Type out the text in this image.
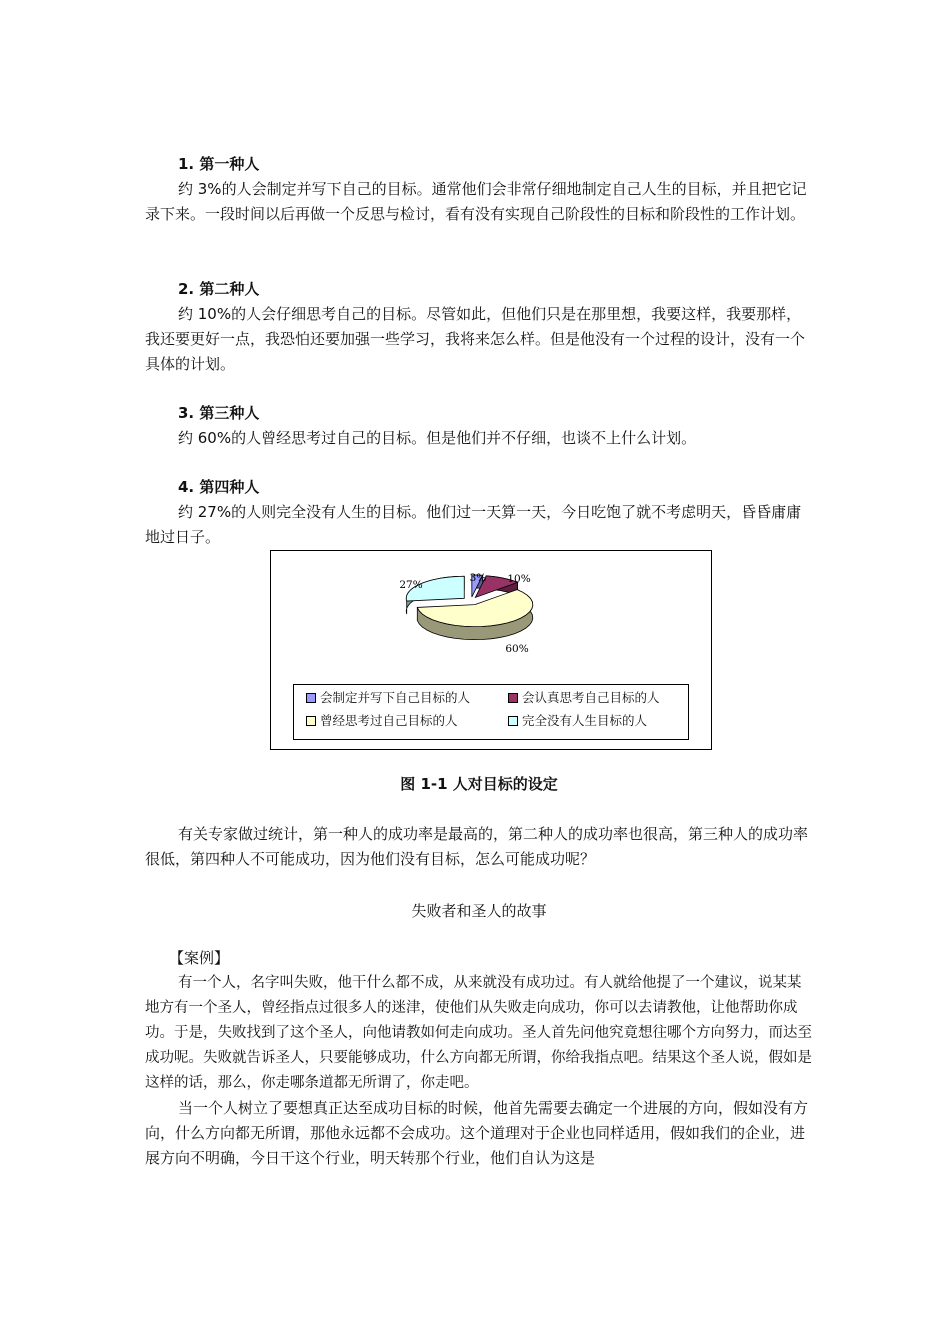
1. 第一种人

约 3%的人会制定并写下自己的目标。通常他们会非常仔细地制定自己人生的目标，并且把它记录下来。一段时间以后再做一个反思与检讨，看有没有实现自己阶段性的目标和阶段性的工作计划。

2. 第二种人

约 10%的人会仔细思考自己的目标。尽管如此，但他们只是在那里想，我要这样，我要那样，我还要更好一点，我恐怕还要加强一些学习，我将来怎么样。但是他没有一个过程的设计，没有一个具体的计划。

3. 第三种人

约 60%的人曾经思考过自己的目标。但是他们并不仔细，也谈不上什么计划。

4. 第四种人

约 27%的人则完全没有人生的目标。他们过一天算一天，今日吃饱了就不考虑明天，昏昏庸庸地过日子。

3% 10%
60%
27%
会制定并写下自己目标的人	会认真思考自己目标的人
曾经思考过自己目标的人	完全没有人生目标的人
图 1-1 人对目标的设定

有关专家做过统计，第一种人的成功率是最高的，第二种人的成功率也很高，第三种人的成功率很低，第四种人不可能成功，因为他们没有目标，怎么可能成功呢？

失败者和圣人的故事

【案例】

有一个人，名字叫失败，他干什么都不成，从来就没有成功过。有人就给他提了一个建议，说某某地方有一个圣人，曾经指点过很多人的迷津，使他们从失败走向成功，你可以去请教他，让他帮助你成功。于是，失败找到了这个圣人，向他请教如何走向成功。圣人首先问他究竟想往哪个方向努力，而达至成功呢。失败就告诉圣人，只要能够成功，什么方向都无所谓，你给我指点吧。结果这个圣人说，假如是这样的话，那么，你走哪条道都无所谓了，你走吧。

当一个人树立了要想真正达至成功目标的时候，他首先需要去确定一个进展的方向，假如没有方向，什么方向都无所谓，那他永远都不会成功。这个道理对于企业也同样适用，假如我们的企业，进展方向不明确，今日干这个行业，明天转那个行业，他们自认为这是
